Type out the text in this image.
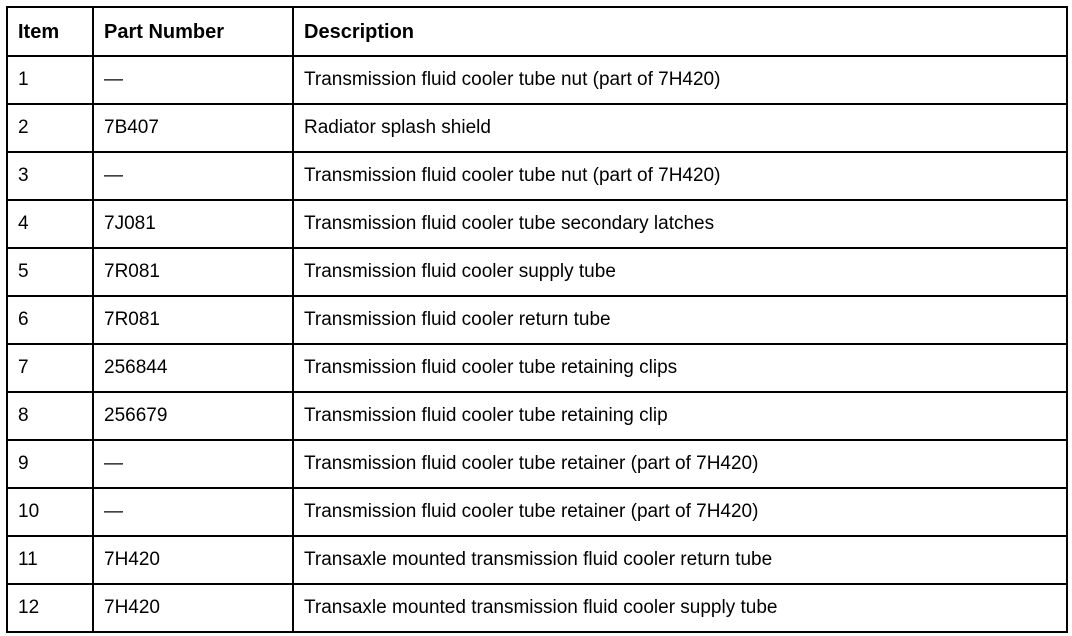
Item	Part Number	Description
1	—	Transmission fluid cooler tube nut (part of 7H420)
2	7B407	Radiator splash shield
3	—	Transmission fluid cooler tube nut (part of 7H420)
4	7J081	Transmission fluid cooler tube secondary latches
5	7R081	Transmission fluid cooler supply tube
6	7R081	Transmission fluid cooler return tube
7	256844	Transmission fluid cooler tube retaining clips
8	256679	Transmission fluid cooler tube retaining clip
9	—	Transmission fluid cooler tube retainer (part of 7H420)
10	—	Transmission fluid cooler tube retainer (part of 7H420)
11	7H420	Transaxle mounted transmission fluid cooler return tube
12	7H420	Transaxle mounted transmission fluid cooler supply tube
